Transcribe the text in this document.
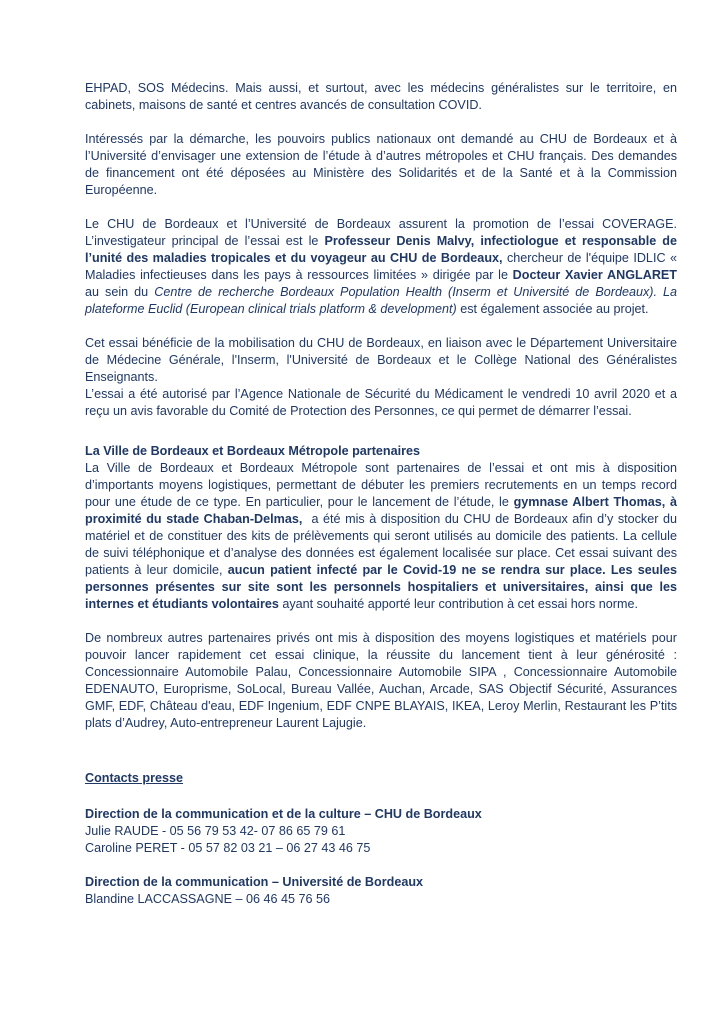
EHPAD, SOS Médecins. Mais aussi, et surtout, avec les médecins généralistes sur le territoire, en cabinets, maisons de santé et centres avancés de consultation COVID.

Intéressés par la démarche, les pouvoirs publics nationaux ont demandé au CHU de Bordeaux et à l’Université d’envisager une extension de l’étude à d’autres métropoles et CHU français. Des demandes de financement ont été déposées au Ministère des Solidarités et de la Santé et à la Commission Européenne.

Le CHU de Bordeaux et l’Université de Bordeaux assurent la promotion de l’essai COVERAGE. L’investigateur principal de l’essai est le Professeur Denis Malvy, infectiologue et responsable de l’unité des maladies tropicales et du voyageur au CHU de Bordeaux, chercheur de l'équipe IDLIC « Maladies infectieuses dans les pays à ressources limitées » dirigée par le Docteur Xavier ANGLARET au sein du Centre de recherche Bordeaux Population Health (Inserm et Université de Bordeaux). La plateforme Euclid (European clinical trials platform & development) est également associée au projet.

Cet essai bénéficie de la mobilisation du CHU de Bordeaux, en liaison avec le Département Universitaire de Médecine Générale, l'Inserm, l'Université de Bordeaux et le Collège National des Généralistes Enseignants.

L’essai a été autorisé par l’Agence Nationale de Sécurité du Médicament le vendredi 10 avril 2020 et a reçu un avis favorable du Comité de Protection des Personnes, ce qui permet de démarrer l’essai.

La Ville de Bordeaux et Bordeaux Métropole partenaires

La Ville de Bordeaux et Bordeaux Métropole sont partenaires de l’essai et ont mis à disposition d’importants moyens logistiques, permettant de débuter les premiers recrutements en un temps record pour une étude de ce type. En particulier, pour le lancement de l’étude, le gymnase Albert Thomas, à proximité du stade Chaban-Delmas,  a été mis à disposition du CHU de Bordeaux afin d’y stocker du matériel et de constituer des kits de prélèvements qui seront utilisés au domicile des patients. La cellule de suivi téléphonique et d’analyse des données est également localisée sur place. Cet essai suivant des patients à leur domicile, aucun patient infecté par le Covid-19 ne se rendra sur place. Les seules personnes présentes sur site sont les personnels hospitaliers et universitaires, ainsi que les internes et étudiants volontaires ayant souhaité apporté leur contribution à cet essai hors norme.

De nombreux autres partenaires privés ont mis à disposition des moyens logistiques et matériels pour pouvoir lancer rapidement cet essai clinique, la réussite du lancement tient à leur générosité : Concessionnaire Automobile Palau, Concessionnaire Automobile SIPA , Concessionnaire Automobile EDENAUTO, Europrisme, SoLocal, Bureau Vallée, Auchan, Arcade, SAS Objectif Sécurité, Assurances GMF, EDF, Château d'eau, EDF Ingenium, EDF CNPE BLAYAIS, IKEA, Leroy Merlin, Restaurant les P’tits plats d’Audrey, Auto-entrepreneur Laurent Lajugie.

Contacts presse

Direction de la communication et de la culture – CHU de Bordeaux

Julie RAUDE - 05 56 79 53 42- 07 86 65 79 61

Caroline PERET - 05 57 82 03 21 – 06 27 43 46 75

Direction de la communication – Université de Bordeaux

Blandine LACCASSAGNE – 06 46 45 76 56
